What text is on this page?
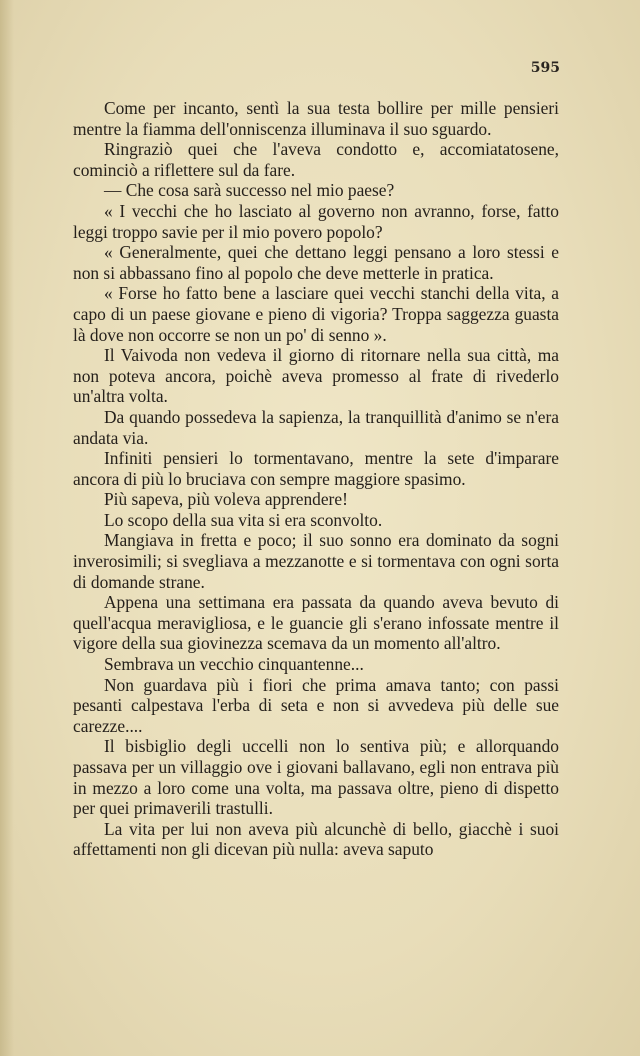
595

Come per incanto, sentì la sua testa bollire per mille pensieri mentre la fiamma dell'onniscenza illuminava il suo sguardo.

Ringraziò quei che l'aveva condotto e, accomiatatosene, cominciò a riflettere sul da fare.

— Che cosa sarà successo nel mio paese?

« I vecchi che ho lasciato al governo non avranno, forse, fatto leggi troppo savie per il mio povero popolo?

« Generalmente, quei che dettano leggi pensano a loro stessi e non si abbassano fino al popolo che deve metterle in pratica.

« Forse ho fatto bene a lasciare quei vecchi stanchi della vita, a capo di un paese giovane e pieno di vigoria? Troppa saggezza guasta là dove non occorre se non un po' di senno ».

Il Vaivoda non vedeva il giorno di ritornare nella sua città, ma non poteva ancora, poichè aveva promesso al frate di rivederlo un'altra volta.

Da quando possedeva la sapienza, la tranquillità d'animo se n'era andata via.

Infiniti pensieri lo tormentavano, mentre la sete d'imparare ancora di più lo bruciava con sempre maggiore spasimo.

Più sapeva, più voleva apprendere!

Lo scopo della sua vita si era sconvolto.

Mangiava in fretta e poco; il suo sonno era dominato da sogni inverosimili; si svegliava a mezzanotte e si tormentava con ogni sorta di domande strane.

Appena una settimana era passata da quando aveva bevuto di quell'acqua meravigliosa, e le guancie gli s'erano infossate mentre il vigore della sua giovinezza scemava da un momento all'altro.

Sembrava un vecchio cinquantenne...

Non guardava più i fiori che prima amava tanto; con passi pesanti calpestava l'erba di seta e non si avvedeva più delle sue carezze....

Il bisbiglio degli uccelli non lo sentiva più; e allorquando passava per un villaggio ove i giovani ballavano, egli non entrava più in mezzo a loro come una volta, ma passava oltre, pieno di dispetto per quei primaverili trastulli.

La vita per lui non aveva più alcunchè di bello, giacchè i suoi affettamenti non gli dicevan più nulla: aveva saputo
